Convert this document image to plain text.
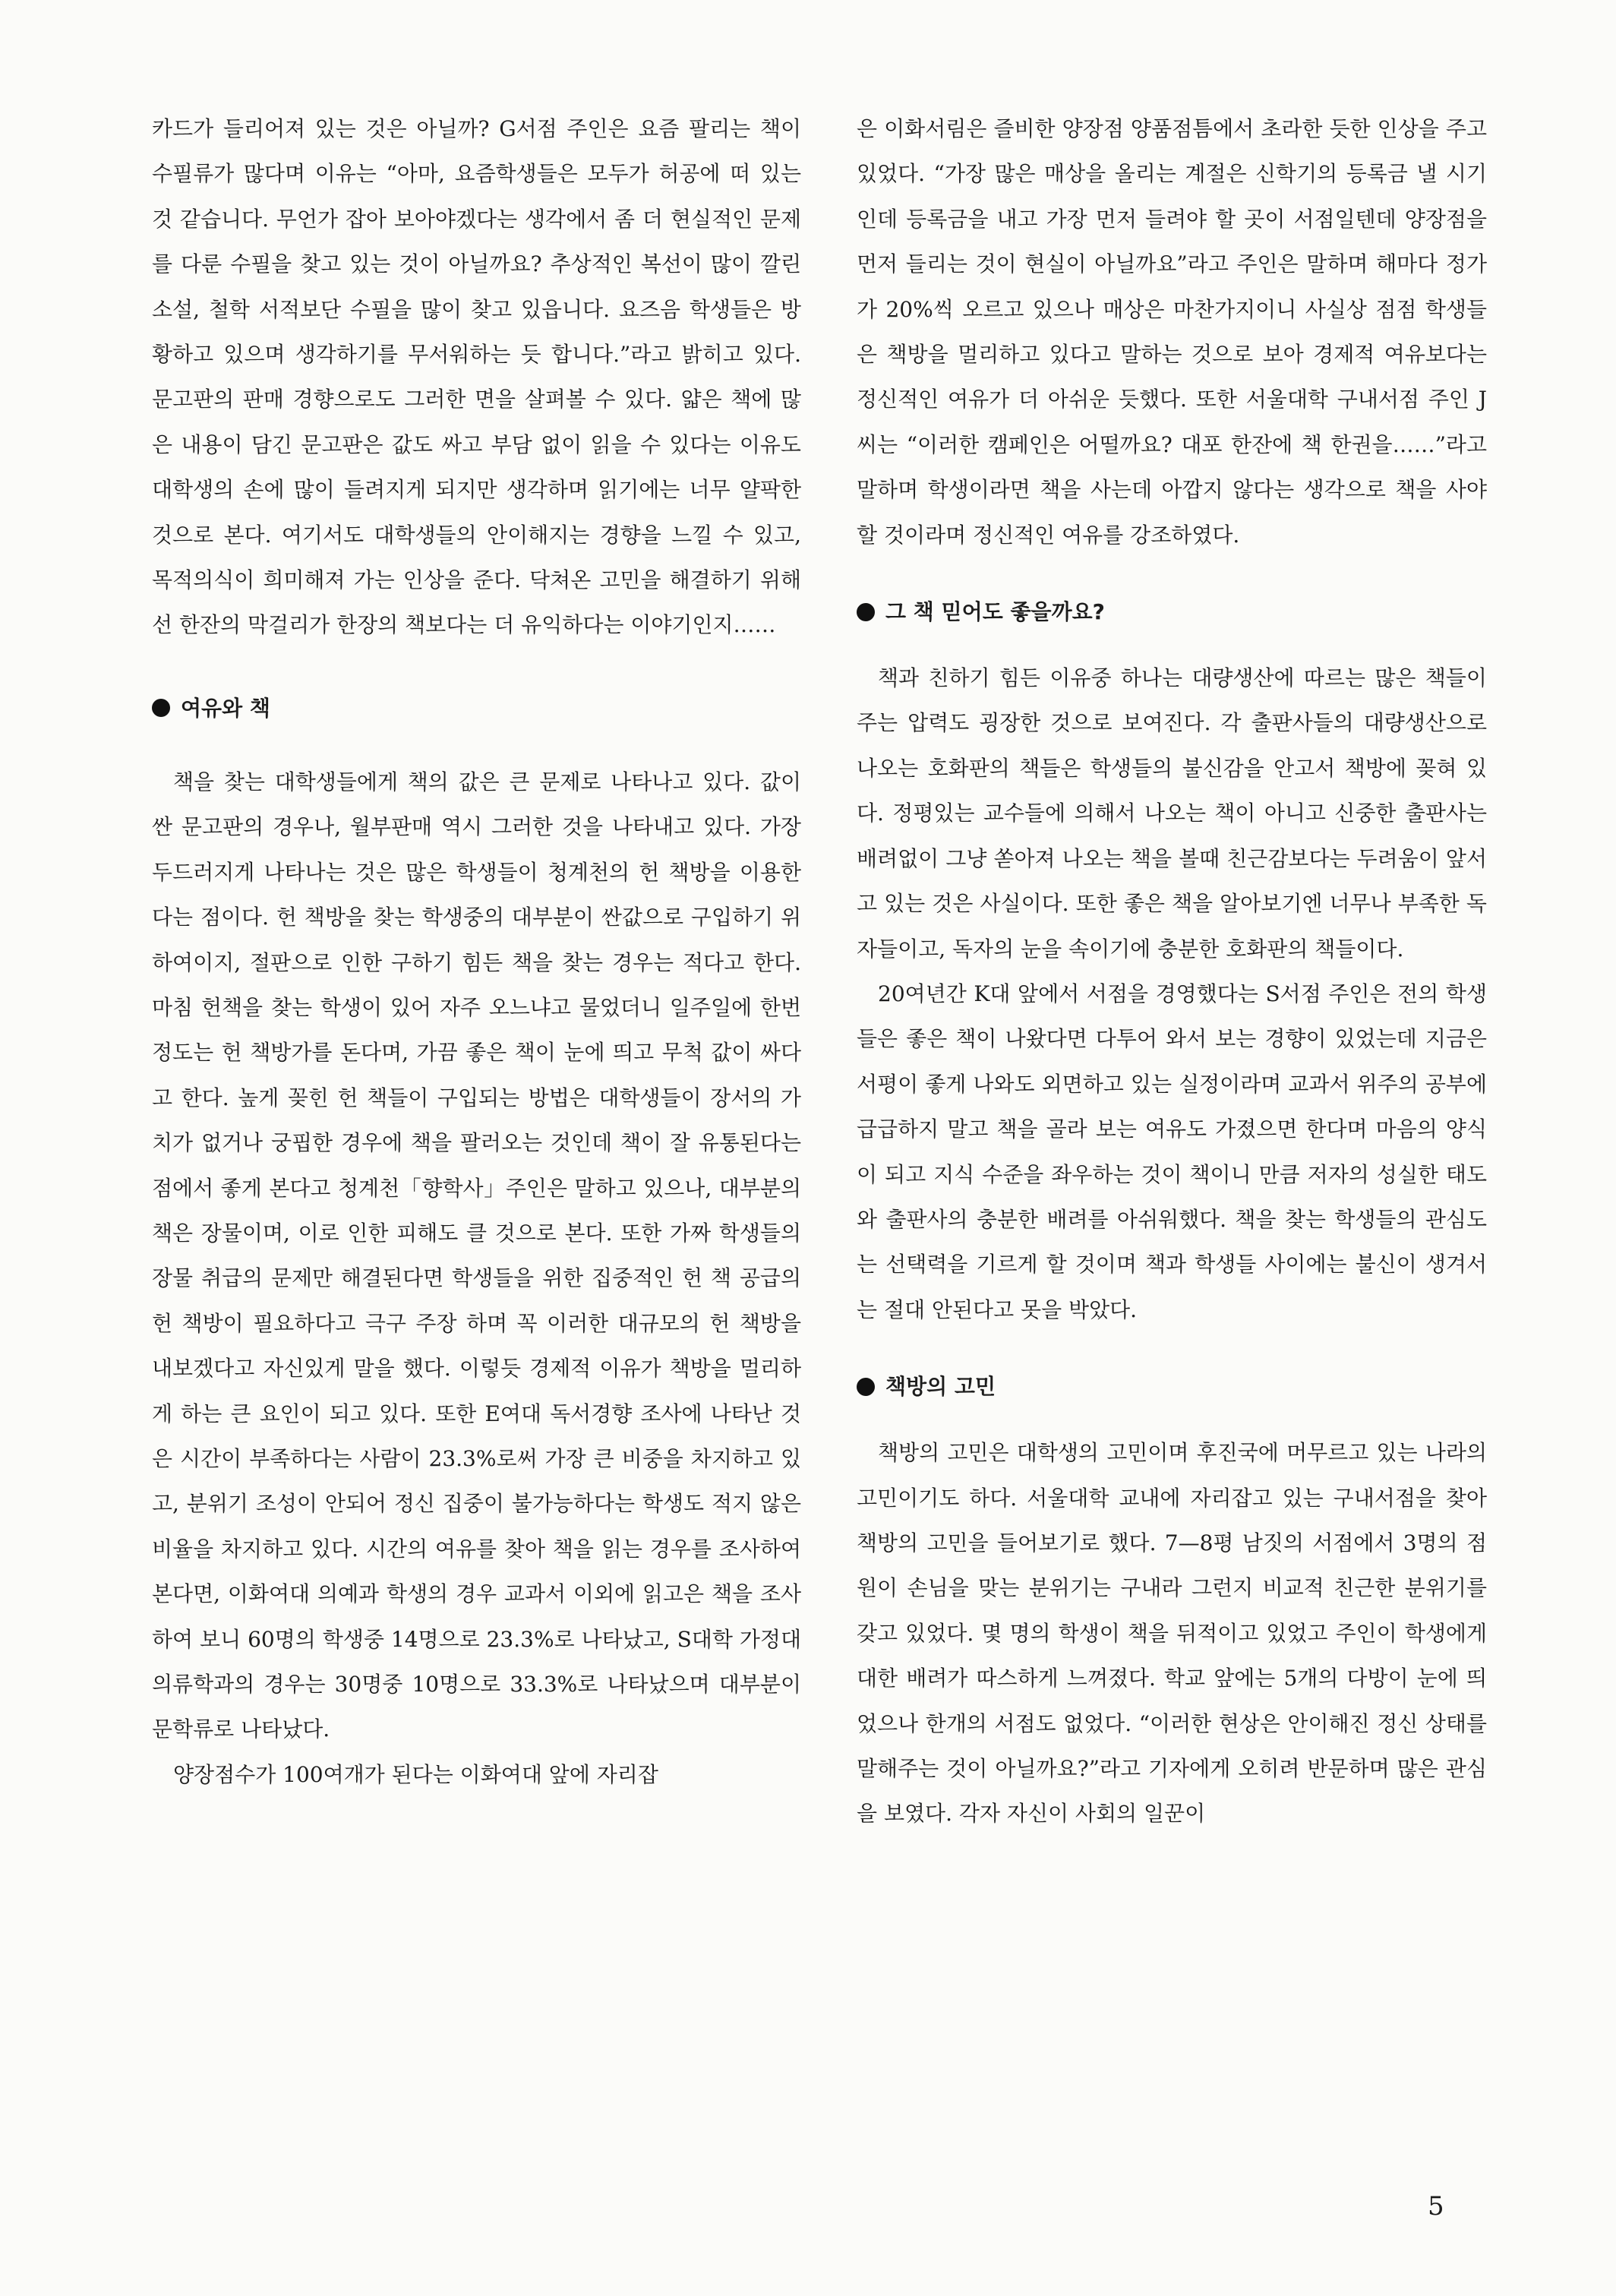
카드가 들리어져 있는 것은 아닐까? G서점 주인은 요즘 팔리는 책이 수필류가 많다며 이유는 “아마, 요즘학생들은 모두가 허공에 떠 있는 것 같습니다. 무언가 잡아 보아야겠다는 생각에서 좀 더 현실적인 문제를 다룬 수필을 찾고 있는 것이 아닐까요? 추상적인 복선이 많이 깔린 소설, 철학 서적보단 수필을 많이 찾고 있읍니다. 요즈음 학생들은 방황하고 있으며 생각하기를 무서워하는 듯 합니다.”라고 밝히고 있다. 문고판의 판매 경향으로도 그러한 면을 살펴볼 수 있다. 얇은 책에 많은 내용이 담긴 문고판은 값도 싸고 부담 없이 읽을 수 있다는 이유도 대학생의 손에 많이 들려지게 되지만 생각하며 읽기에는 너무 얄팍한 것으로 본다. 여기서도 대학생들의 안이해지는 경향을 느낄 수 있고, 목적의식이 희미해져 가는 인상을 준다. 닥쳐온 고민을 해결하기 위해선 한잔의 막걸리가 한장의 책보다는 더 유익하다는 이야기인지……

여유와 책

책을 찾는 대학생들에게 책의 값은 큰 문제로 나타나고 있다. 값이 싼 문고판의 경우나, 월부판매 역시 그러한 것을 나타내고 있다. 가장 두드러지게 나타나는 것은 많은 학생들이 청계천의 헌 책방을 이용한다는 점이다. 헌 책방을 찾는 학생중의 대부분이 싼값으로 구입하기 위하여이지, 절판으로 인한 구하기 힘든 책을 찾는 경우는 적다고 한다. 마침 헌책을 찾는 학생이 있어 자주 오느냐고 물었더니 일주일에 한번 정도는 헌 책방가를 돈다며, 가끔 좋은 책이 눈에 띄고 무척 값이 싸다고 한다. 높게 꽂힌 헌 책들이 구입되는 방법은 대학생들이 장서의 가치가 없거나 궁핍한 경우에 책을 팔러오는 것인데 책이 잘 유통된다는 점에서 좋게 본다고 청계천「향학사」주인은 말하고 있으나, 대부분의 책은 장물이며, 이로 인한 피해도 클 것으로 본다. 또한 가짜 학생들의 장물 취급의 문제만 해결된다면 학생들을 위한 집중적인 헌 책 공급의 헌 책방이 필요하다고 극구 주장 하며 꼭 이러한 대규모의 헌 책방을 내보겠다고 자신있게 말을 했다. 이렇듯 경제적 이유가 책방을 멀리하게 하는 큰 요인이 되고 있다. 또한 E여대 독서경향 조사에 나타난 것은 시간이 부족하다는 사람이 23.3%로써 가장 큰 비중을 차지하고 있고, 분위기 조성이 안되어 정신 집중이 불가능하다는 학생도 적지 않은 비율을 차지하고 있다. 시간의 여유를 찾아 책을 읽는 경우를 조사하여 본다면, 이화여대 의예과 학생의 경우 교과서 이외에 읽고은 책을 조사하여 보니 60명의 학생중 14명으로 23.3%로 나타났고, S대학 가정대 의류학과의 경우는 30명중 10명으로 33.3%로 나타났으며 대부분이 문학류로 나타났다.

양장점수가 100여개가 된다는 이화여대 앞에 자리잡

은 이화서림은 즐비한 양장점 양품점틈에서 초라한 듯한 인상을 주고 있었다. “가장 많은 매상을 올리는 계절은 신학기의 등록금 낼 시기인데 등록금을 내고 가장 먼저 들려야 할 곳이 서점일텐데 양장점을 먼저 들리는 것이 현실이 아닐까요”라고 주인은 말하며 해마다 정가가 20%씩 오르고 있으나 매상은 마찬가지이니 사실상 점점 학생들은 책방을 멀리하고 있다고 말하는 것으로 보아 경제적 여유보다는 정신적인 여유가 더 아쉬운 듯했다. 또한 서울대학 구내서점 주인 J씨는 “이러한 캠페인은 어떨까요? 대포 한잔에 책 한권을……”라고 말하며 학생이라면 책을 사는데 아깝지 않다는 생각으로 책을 사야 할 것이라며 정신적인 여유를 강조하였다.

그 책 믿어도 좋을까요?

책과 친하기 힘든 이유중 하나는 대량생산에 따르는 많은 책들이 주는 압력도 굉장한 것으로 보여진다. 각 출판사들의 대량생산으로 나오는 호화판의 책들은 학생들의 불신감을 안고서 책방에 꽂혀 있다. 정평있는 교수들에 의해서 나오는 책이 아니고 신중한 출판사는 배려없이 그냥 쏟아져 나오는 책을 볼때 친근감보다는 두려움이 앞서고 있는 것은 사실이다. 또한 좋은 책을 알아보기엔 너무나 부족한 독자들이고, 독자의 눈을 속이기에 충분한 호화판의 책들이다.

20여년간 K대 앞에서 서점을 경영했다는 S서점 주인은 전의 학생들은 좋은 책이 나왔다면 다투어 와서 보는 경향이 있었는데 지금은 서평이 좋게 나와도 외면하고 있는 실정이라며 교과서 위주의 공부에 급급하지 말고 책을 골라 보는 여유도 가졌으면 한다며 마음의 양식이 되고 지식 수준을 좌우하는 것이 책이니 만큼 저자의 성실한 태도와 출판사의 충분한 배려를 아쉬워했다. 책을 찾는 학생들의 관심도는 선택력을 기르게 할 것이며 책과 학생들 사이에는 불신이 생겨서는 절대 안된다고 못을 박았다.

책방의 고민

책방의 고민은 대학생의 고민이며 후진국에 머무르고 있는 나라의 고민이기도 하다. 서울대학 교내에 자리잡고 있는 구내서점을 찾아 책방의 고민을 들어보기로 했다. 7—8평 남짓의 서점에서 3명의 점원이 손님을 맞는 분위기는 구내라 그런지 비교적 친근한 분위기를 갖고 있었다. 몇 명의 학생이 책을 뒤적이고 있었고 주인이 학생에게 대한 배려가 따스하게 느껴졌다. 학교 앞에는 5개의 다방이 눈에 띄었으나 한개의 서점도 없었다. “이러한 현상은 안이해진 정신 상태를 말해주는 것이 아닐까요?”라고 기자에게 오히려 반문하며 많은 관심을 보였다. 각자 자신이 사회의 일꾼이

5
